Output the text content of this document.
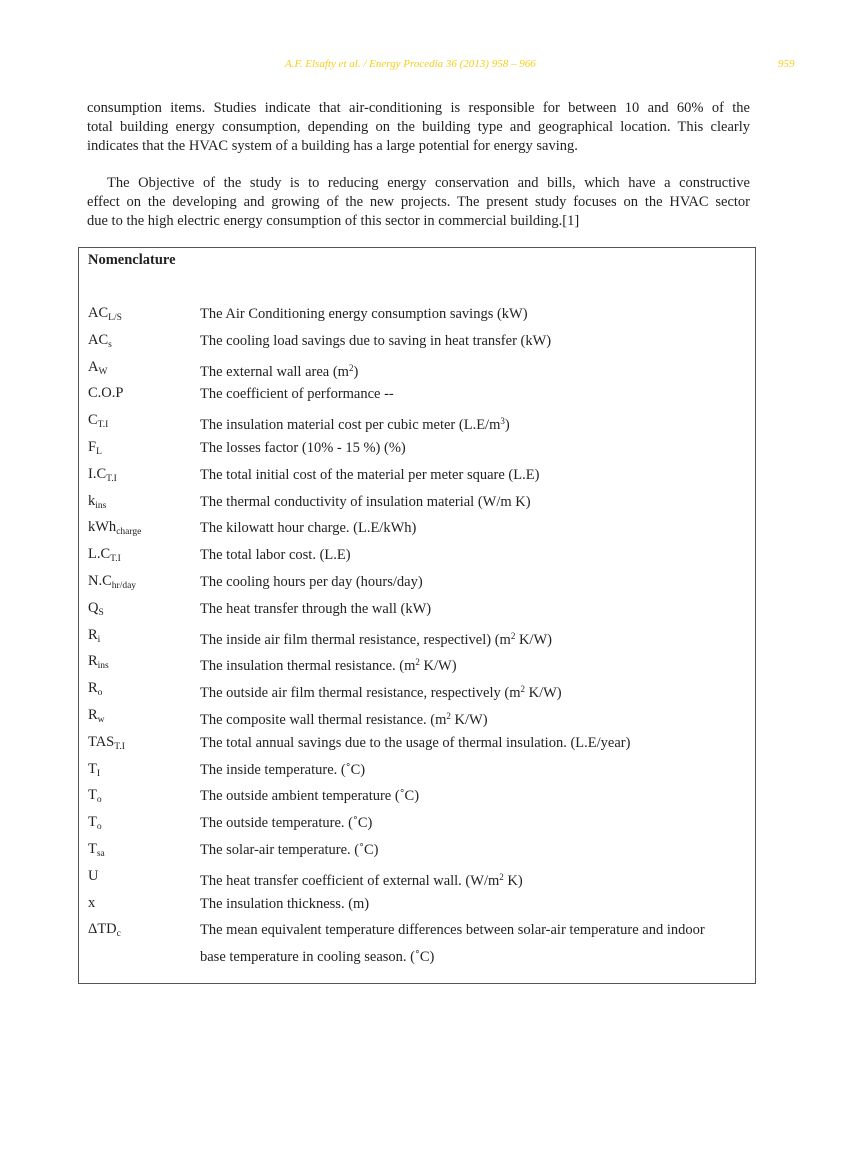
A.F. Elsafty et al. / Energy Procedia 36 (2013) 958 – 966	959
consumption items. Studies indicate that air-conditioning is responsible for between 10 and 60% of the
total building energy consumption, depending on the building type and geographical location. This clearly
indicates that the HVAC system of a building has a large potential for energy saving.
The Objective of the study is to reducing energy conservation and bills, which have a constructive
effect on the developing and growing of the new projects. The present study focuses on the HVAC sector
due to the high electric energy consumption of this sector in commercial building.[1]
Nomenclature
$AC_{L/S}$	The Air Conditioning energy consumption savings (kW)
$AC_s$	The cooling load savings due to saving in heat transfer (kW)
$A_W$	The external wall area $(m^2)$
C.O.P	The coefficient of performance --
$C_{T.I}$	The insulation material cost per cubic meter $(L.E/m^3)$
$F_L$	The losses factor (10% - 15 %) (%)
$I.C_{T.I}$	The total initial cost of the material per meter square (L.E)
$k_{ins}$	The thermal conductivity of insulation material (W/m K)
kWh$_{charge}$	The kilowatt hour charge. (L.E/kWh)
$L.C_{T.I}$	The total labor cost. (L.E)
$N.C_{hr/day}$	The cooling hours per day (hours/day)
$Q_S$	The heat transfer through the wall (kW)
$R_i$	The inside air film thermal resistance, respectivel) ($m^2$ K/W)
$R_{ins}$	The insulation thermal resistance. ($m^2$ K/W)
$R_o$	The outside air film thermal resistance, respectively ($m^2$ K/W)
$R_w$	The composite wall thermal resistance. ($m^2$ K/W)
$TAS_{T.I}$	The total annual savings due to the usage of thermal insulation. (L.E/year)
$T_I$	The inside temperature. (˚C)
$T_o$	The outside ambient temperature (˚C)
$T_o$	The outside temperature. (˚C)
$T_{sa}$	The solar-air temperature. (˚C)
U	The heat transfer coefficient of external wall. ($W/m^2$ K)
x	The insulation thickness. (m)
$\Delta TD_c$	The mean equivalent temperature differences between solar-air temperature and indoor
base temperature in cooling season. (˚C)
